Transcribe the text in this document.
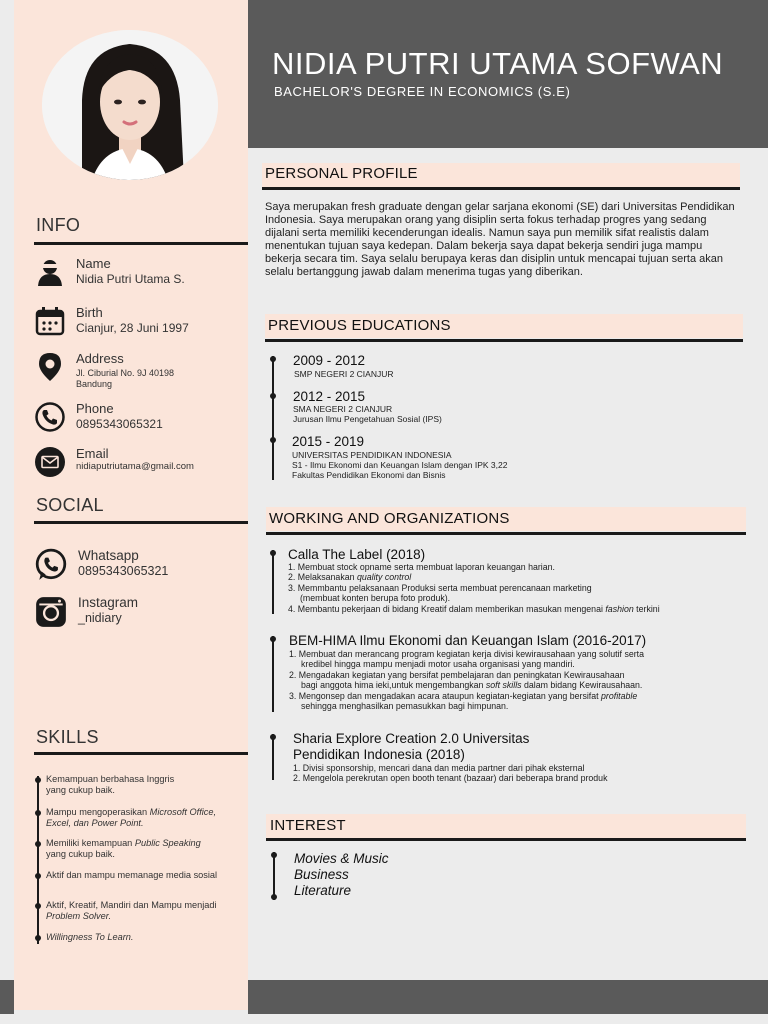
NIDIA PUTRI UTAMA SOFWAN
BACHELOR'S DEGREE IN ECONOMICS (S.E)
INFO
Name
Nidia Putri Utama S.
Birth
Cianjur, 28 Juni 1997
Address
Jl. Ciburial No. 9J 40198
Bandung
Phone
0895343065321
Email
nidiaputriutama@gmail.com
SOCIAL
Whatsapp
0895343065321
Instagram
_nidiary
SKILLS
Kemampuan berbahasa Inggris
yang cukup baik.
Mampu mengoperasikan Microsoft Office,
Excel, dan Power Point.
Memiliki kemampuan Public Speaking
yang cukup baik.
Aktif dan mampu memanage media sosial
Aktif, Kreatif, Mandiri dan Mampu menjadi
Problem Solver.
Willingness To Learn.
PERSONAL PROFILE
Saya merupakan fresh graduate dengan gelar sarjana ekonomi (SE) dari Universitas Pendidikan Indonesia. Saya merupakan orang yang disiplin serta fokus terhadap progres yang sedang dijalani serta memiliki kecenderungan idealis. Namun saya pun memilik sifat realistis dalam menentukan tujuan saya kedepan. Dalam bekerja saya dapat bekerja sendiri juga mampu bekerja secara tim. Saya selalu berupaya keras dan disiplin untuk mencapai tujuan serta akan selalu bertanggung jawab dalam menerima tugas yang diberikan.
PREVIOUS EDUCATIONS
2009 - 2012
SMP NEGERI 2 CIANJUR
2012 - 2015
SMA NEGERI 2 CIANJUR
Jurusan Ilmu Pengetahuan Sosial (IPS)
2015 - 2019
UNIVERSITAS PENDIDIKAN INDONESIA
S1 - Ilmu Ekonomi dan Keuangan Islam dengan IPK 3,22
Fakultas Pendidikan Ekonomi dan Bisnis
WORKING AND ORGANIZATIONS
Calla The Label (2018)
1. Membuat stock opname serta membuat laporan keuangan harian.
2. Melaksanakan quality control
3. Memmbantu pelaksanaan Produksi serta membuat perencanaan marketing
(membuat konten berupa foto produk).
4. Membantu pekerjaan di bidang Kreatif dalam memberikan masukan mengenai fashion terkini
BEM-HIMA Ilmu Ekonomi dan Keuangan Islam (2016-2017)
1. Membuat dan merancang program kegiatan kerja divisi kewirausahaan yang solutif serta
kredibel hingga mampu menjadi motor usaha organisasi yang mandiri.
2. Mengadakan kegiatan yang bersifat pembelajaran dan peningkatan Kewirausahaan
bagi anggota hima ieki,untuk mengembangkan soft skills dalam bidang Kewirausahaan.
3. Mengonsep dan mengadakan acara ataupun kegiatan-kegiatan yang bersifat profitable
sehingga menghasilkan pemasukkan bagi himpunan.
Sharia Explore Creation 2.0 Universitas
Pendidikan Indonesia (2018)
1. Divisi sponsorship, mencari dana dan media partner dari pihak eksternal
2. Mengelola perekrutan open booth tenant (bazaar) dari beberapa brand produk
INTEREST
Movies & Music
Business
Literature
